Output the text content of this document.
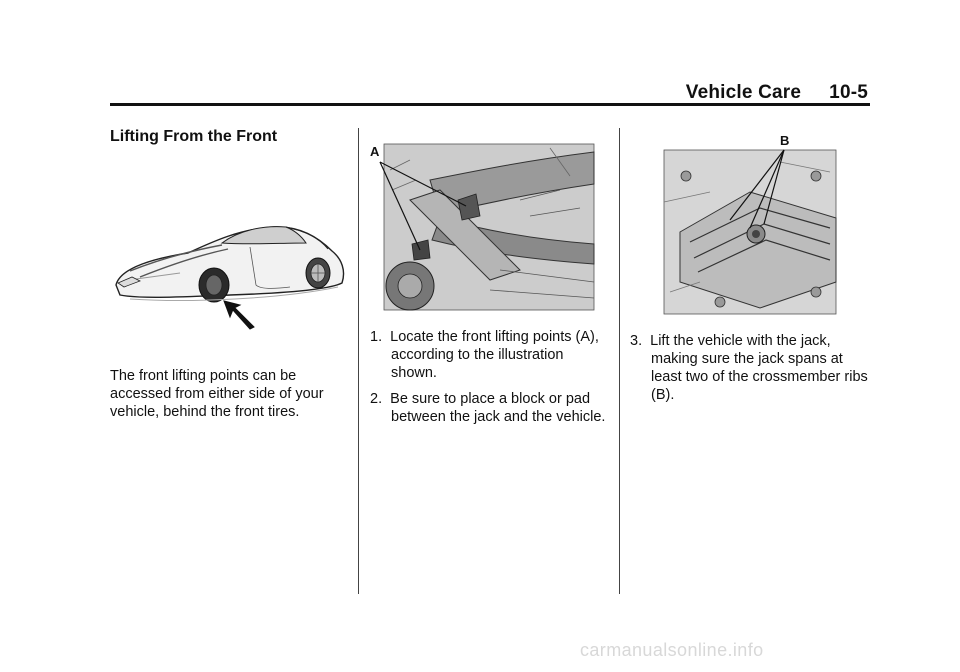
Vehicle Care 10-5
Lifting From the Front

The front lifting points can be accessed from either side of your vehicle, behind the front tires.

A
1.  Locate the front lifting points (A), according to the illustration shown.
2.  Be sure to place a block or pad between the jack and the vehicle.
B
3.  Lift the vehicle with the jack, making sure the jack spans at least two of the crossmember ribs (B).
carmanualsonline.info
